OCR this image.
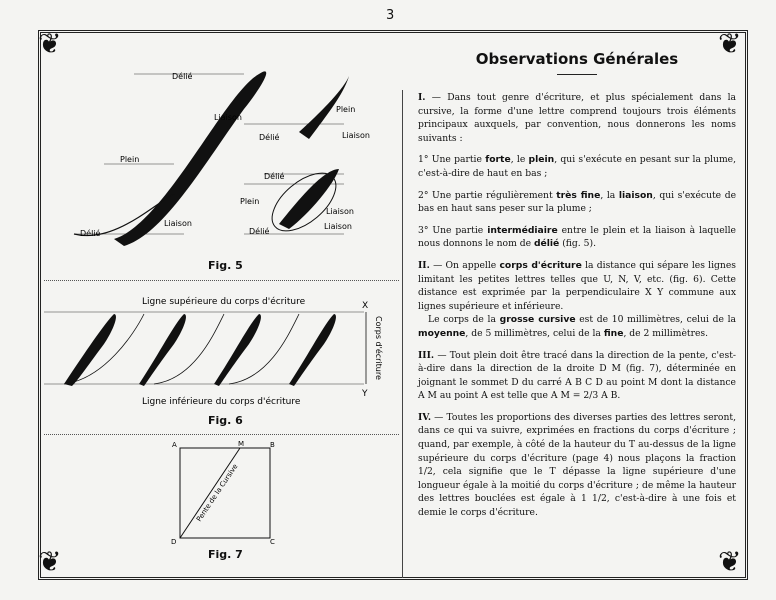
3
❦	❦
❦	❦
Délié
Liaison
Plein
Liaison
Délié
Plein
Liaison
Délié
Liaison
Délié
Plein
Liaison
Délié
Fig. 5
X
Y
Ligne supérieure du corps d'écriture
Ligne inférieure du corps d'écriture
Corps d'écriture
Fig. 6
A	M	B
C
D
Pente de la Cursive
Fig. 7
Observations Générales

I. — Dans tout genre d'écriture, et plus spécialement dans la cursive, la forme d'une lettre comprend toujours trois éléments principaux auxquels, par convention, nous donnerons les noms suivants :

1° Une partie forte, le plein, qui s'exécute en pesant sur la plume, c'est-à-dire de haut en bas ;

2° Une partie régulièrement très fine, la liaison, qui s'exécute de bas en haut sans peser sur la plume ;

3° Une partie intermédiaire entre le plein et la liaison à laquelle nous donnons le nom de délié (fig. 5).

II. — On appelle corps d'écriture la distance qui sépare les lignes limitant les petites lettres telles que U, N, V, etc. (fig. 6). Cette distance est exprimée par la perpendiculaire X Y commune aux lignes supérieure et inférieure.
Le corps de la grosse cursive est de 10 millimètres, celui de la moyenne, de 5 millimètres, celui de la fine, de 2 millimètres.

III. — Tout plein doit être tracé dans la direction de la pente, c'est-à-dire dans la direction de la droite D M (fig. 7), déterminée en joignant le sommet D du carré A B C D au point M dont la distance A M au point A est telle que A M = 2/3 A B.

IV. — Toutes les proportions des diverses parties des lettres seront, dans ce qui va suivre, exprimées en fractions du corps d'écriture ; quand, par exemple, à côté de la hauteur du T au-dessus de la ligne supérieure du corps d'écriture (page 4) nous plaçons la fraction 1/2, cela signifie que le T dépasse la ligne supérieure d'une longueur égale à la moitié du corps d'écriture ; de même la hauteur des lettres bouclées est égale à 1 1/2, c'est-à-dire à une fois et demie le corps d'écriture.
